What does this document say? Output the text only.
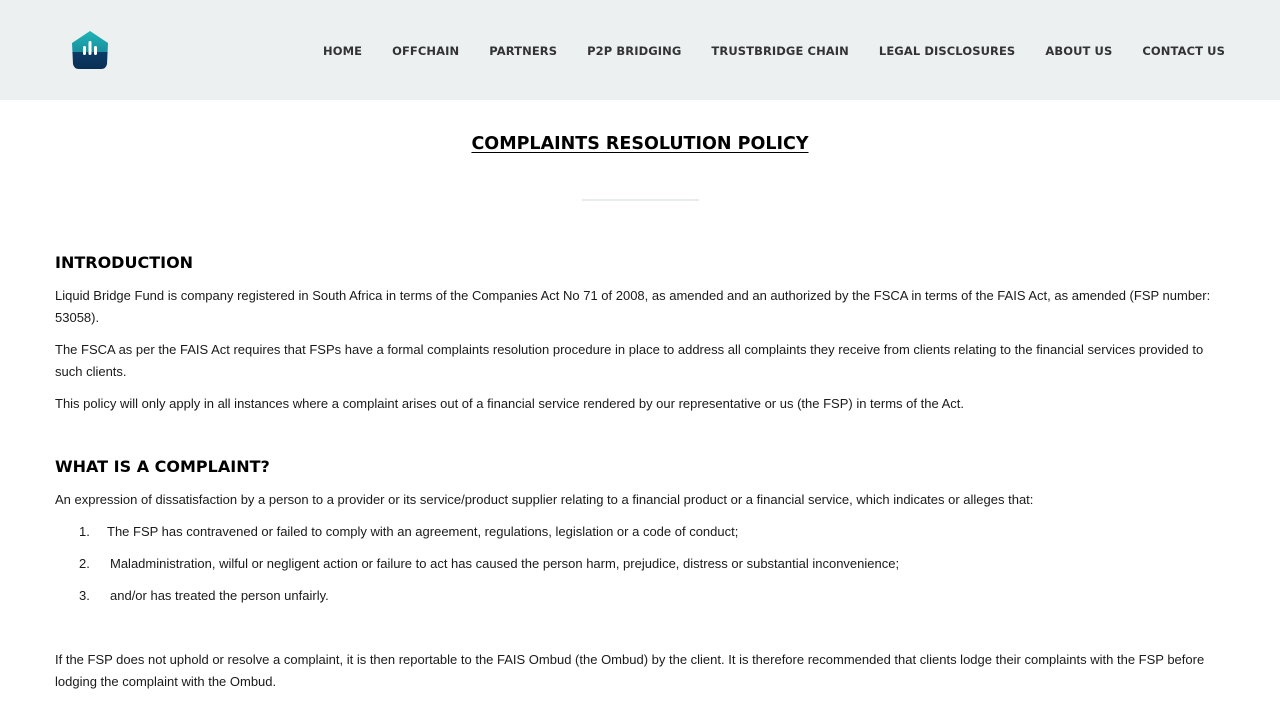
HOME	OFFCHAIN	PARTNERS	P2P BRIDGING	TRUSTBRIDGE CHAIN	LEGAL DISCLOSURES	ABOUT US	CONTACT US
COMPLAINTS RESOLUTION POLICY
INTRODUCTION

Liquid Bridge Fund is company registered in South Africa in terms of the Companies Act No 71 of 2008, as amended and an authorized by the FSCA in terms of the FAIS Act, as amended (FSP number: 53058).

The FSCA as per the FAIS Act requires that FSPs have a formal complaints resolution procedure in place to address all complaints they receive from clients relating to the financial services provided to such clients.

This policy will only apply in all instances where a complaint arises out of a financial service rendered by our representative or us (the FSP) in terms of the Act.

WHAT IS A COMPLAINT?

An expression of dissatisfaction by a person to a provider or its service/product supplier relating to a financial product or a financial service, which indicates or alleges that:

1. The FSP has contravened or failed to comply with an agreement, regulations, legislation or a code of conduct;
2. Maladministration, wilful or negligent action or failure to act has caused the person harm, prejudice, distress or substantial inconvenience;
3. and/or has treated the person unfairly.

If the FSP does not uphold or resolve a complaint, it is then reportable to the FAIS Ombud (the Ombud) by the client. It is therefore recommended that clients lodge their complaints with the FSP before lodging the complaint with the Ombud.
